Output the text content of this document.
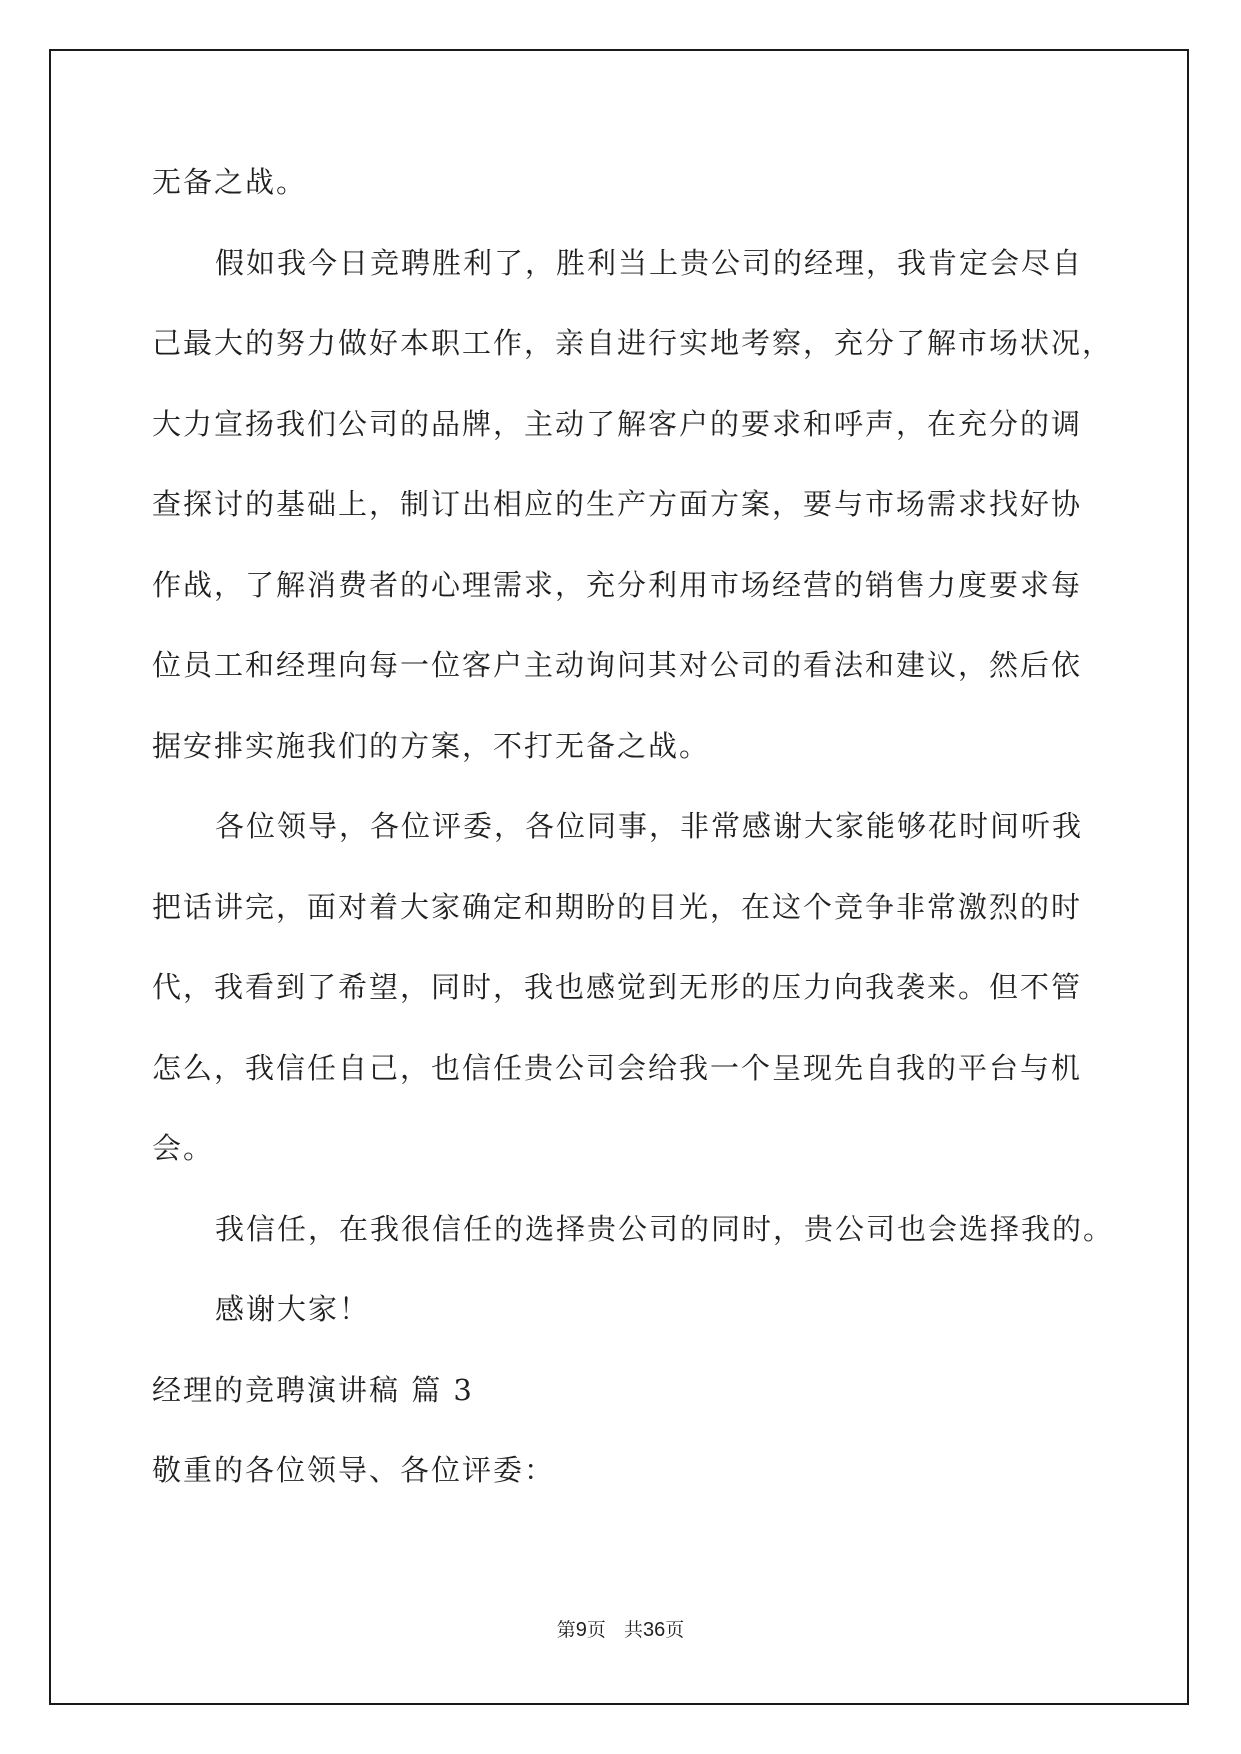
无备之战。

假如我今日竞聘胜利了，胜利当上贵公司的经理，我肯定会尽自

己最大的努力做好本职工作，亲自进行实地考察，充分了解市场状况，

大力宣扬我们公司的品牌，主动了解客户的要求和呼声，在充分的调

查探讨的基础上，制订出相应的生产方面方案，要与市场需求找好协

作战，了解消费者的心理需求，充分利用市场经营的销售力度要求每

位员工和经理向每一位客户主动询问其对公司的看法和建议，然后依

据安排实施我们的方案，不打无备之战。

各位领导，各位评委，各位同事，非常感谢大家能够花时间听我

把话讲完，面对着大家确定和期盼的目光，在这个竞争非常激烈的时

代，我看到了希望，同时，我也感觉到无形的压力向我袭来。但不管

怎么，我信任自己，也信任贵公司会给我一个呈现先自我的平台与机

会。

我信任，在我很信任的选择贵公司的同时，贵公司也会选择我的。

感谢大家！

经理的竞聘演讲稿 篇 3

敬重的各位领导、各位评委：

第9页 共36页
